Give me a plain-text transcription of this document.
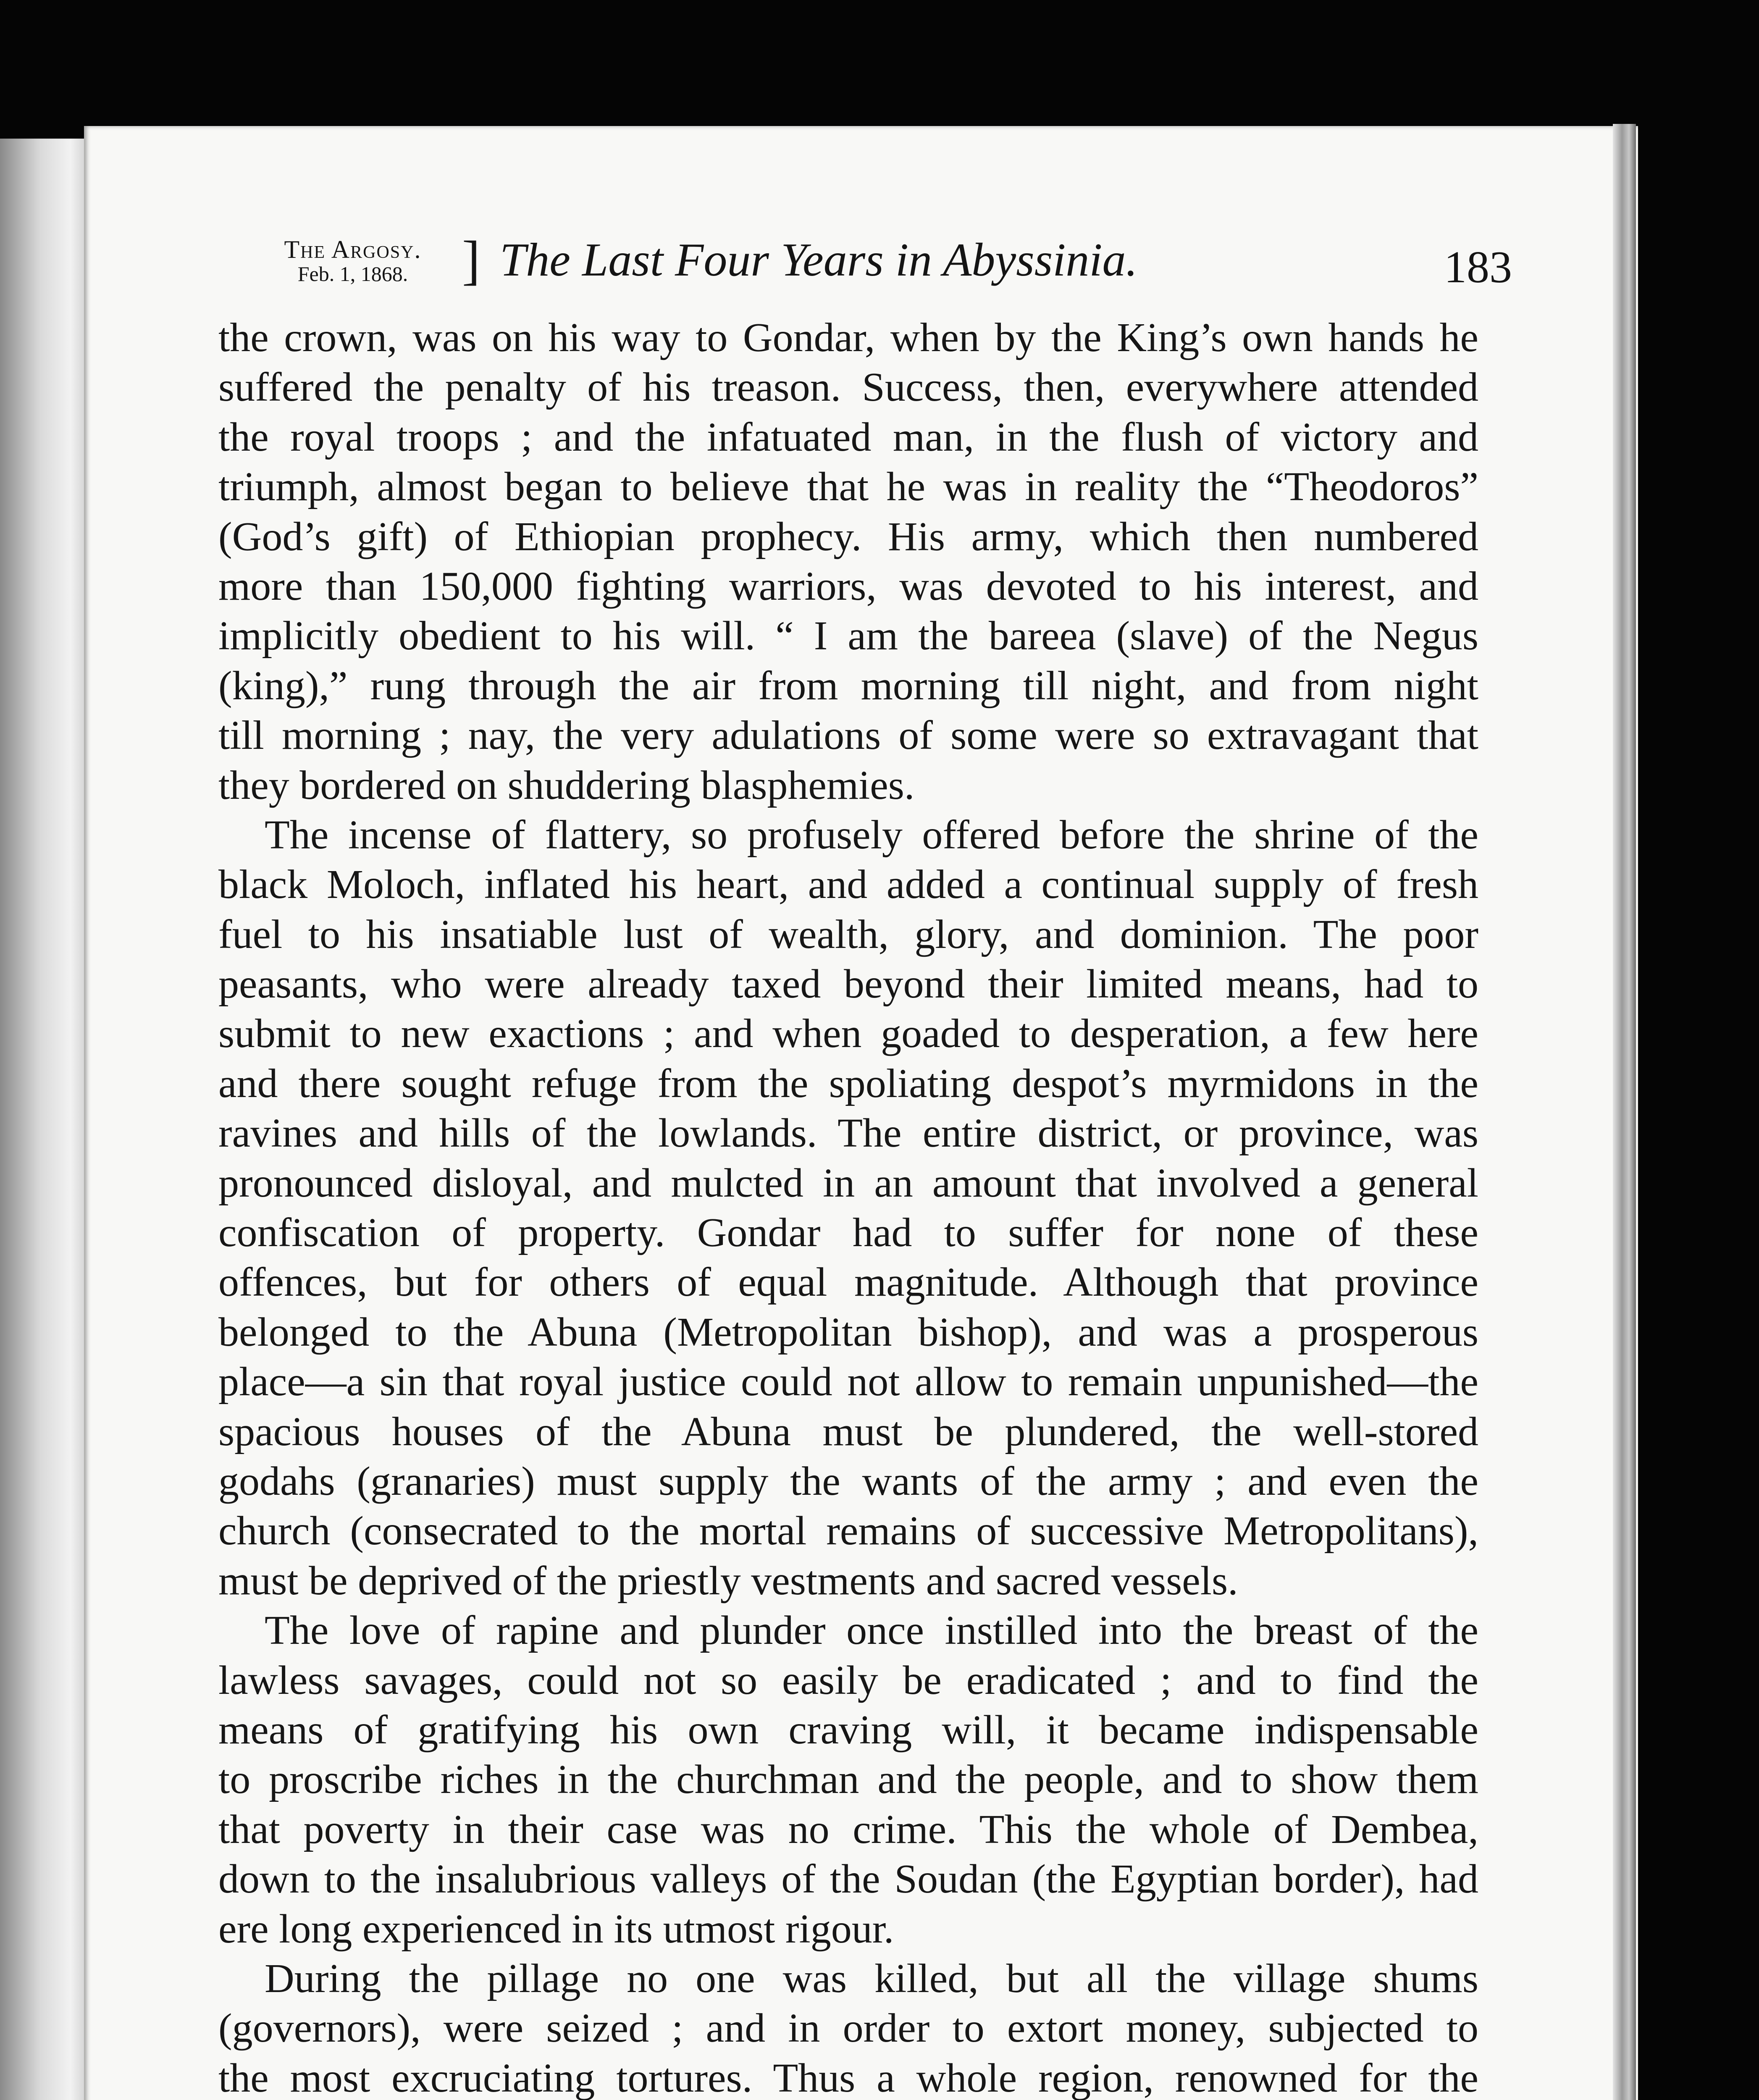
The Argosy.
Feb. 1, 1868. ] The Last Four Years in Abyssinia.	183
the crown, was on his way to Gondar, when by the King’s own hands he
suffered the penalty of his treason. Success, then, everywhere attended
the royal troops ; and the infatuated man, in the flush of victory and
triumph, almost began to believe that he was in reality the “Theodoros”
(God’s gift) of Ethiopian prophecy. His army, which then numbered
more than 150,000 fighting warriors, was devoted to his interest, and
implicitly obedient to his will. “ I am the bareea (slave) of the Negus
(king),” rung through the air from morning till night, and from night
till morning ; nay, the very adulations of some were so extravagant that
they bordered on shuddering blasphemies.
The incense of flattery, so profusely offered before the shrine of the
black Moloch, inflated his heart, and added a continual supply of fresh
fuel to his insatiable lust of wealth, glory, and dominion. The poor
peasants, who were already taxed beyond their limited means, had to
submit to new exactions ; and when goaded to desperation, a few here
and there sought refuge from the spoliating despot’s myrmidons in the
ravines and hills of the lowlands. The entire district, or province, was
pronounced disloyal, and mulcted in an amount that involved a general
confiscation of property. Gondar had to suffer for none of these
offences, but for others of equal magnitude. Although that province
belonged to the Abuna (Metropolitan bishop), and was a prosperous
place—a sin that royal justice could not allow to remain unpunished—the
spacious houses of the Abuna must be plundered, the well-stored
godahs (granaries) must supply the wants of the army ; and even the
church (consecrated to the mortal remains of successive Metropolitans),
must be deprived of the priestly vestments and sacred vessels.
The love of rapine and plunder once instilled into the breast of the
lawless savages, could not so easily be eradicated ; and to find the
means of gratifying his own craving will, it became indispensable
to proscribe riches in the churchman and the people, and to show them
that poverty in their case was no crime. This the whole of Dembea,
down to the insalubrious valleys of the Soudan (the Egyptian border), had
ere long experienced in its utmost rigour.
During the pillage no one was killed, but all the village shums
(governors), were seized ; and in order to extort money, subjected to
the most excruciating tortures. Thus a whole region, renowned for the
